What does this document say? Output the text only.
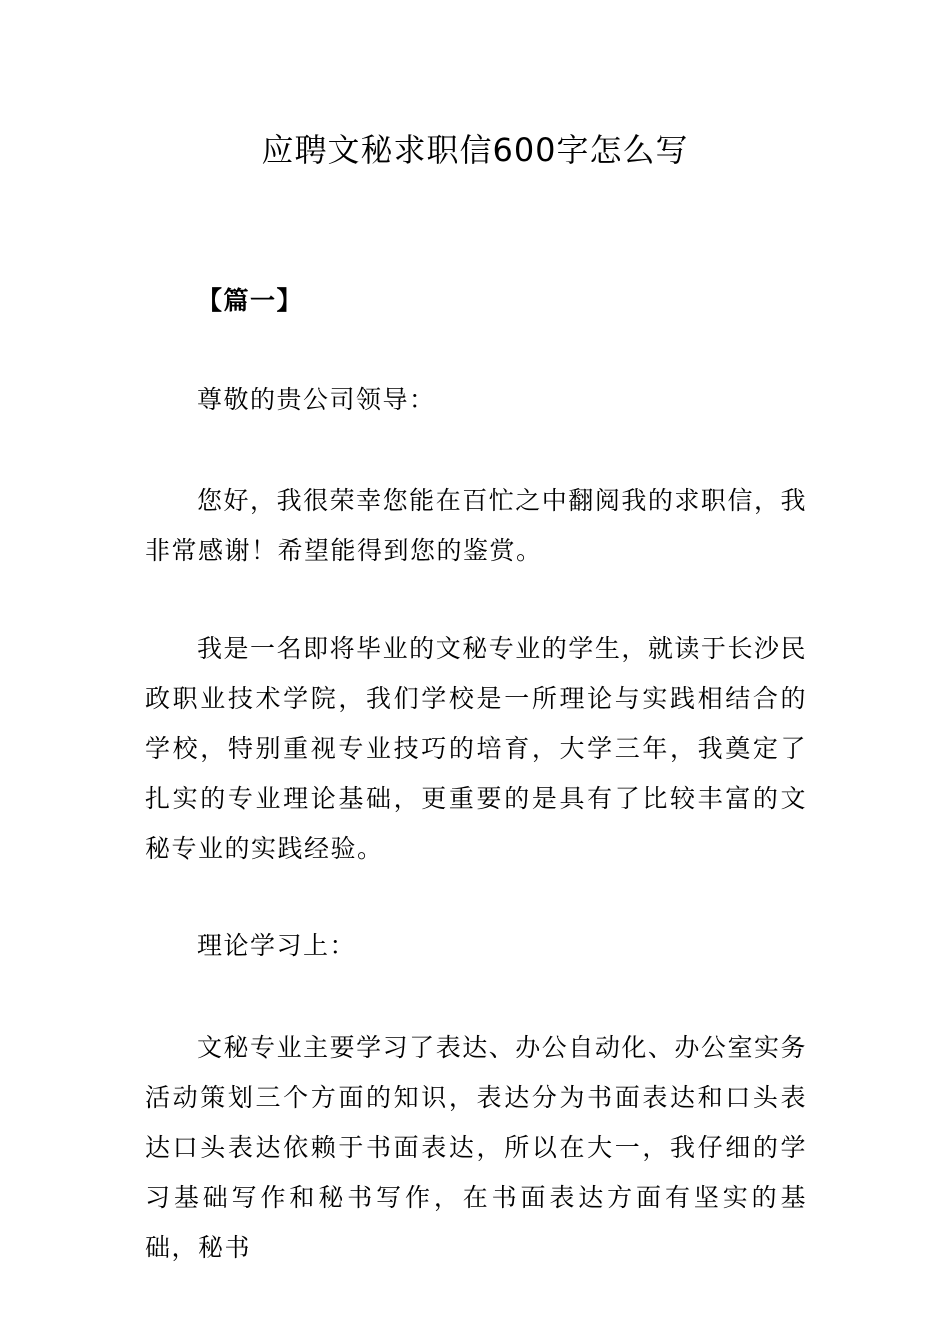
应聘文秘求职信600字怎么写

【篇一】

尊敬的贵公司领导：

您好，我很荣幸您能在百忙之中翻阅我的求职信，我非常感谢！希望能得到您的鉴赏。

我是一名即将毕业的文秘专业的学生，就读于长沙民政职业技术学院，我们学校是一所理论与实践相结合的学校，特别重视专业技巧的培育，大学三年，我奠定了扎实的专业理论基础，更重要的是具有了比较丰富的文秘专业的实践经验。

理论学习上：

文秘专业主要学习了表达、办公自动化、办公室实务活动策划三个方面的知识，表达分为书面表达和口头表达口头表达依赖于书面表达，所以在大一，我仔细的学习基础写作和秘书写作，在书面表达方面有坚实的基础，秘书
